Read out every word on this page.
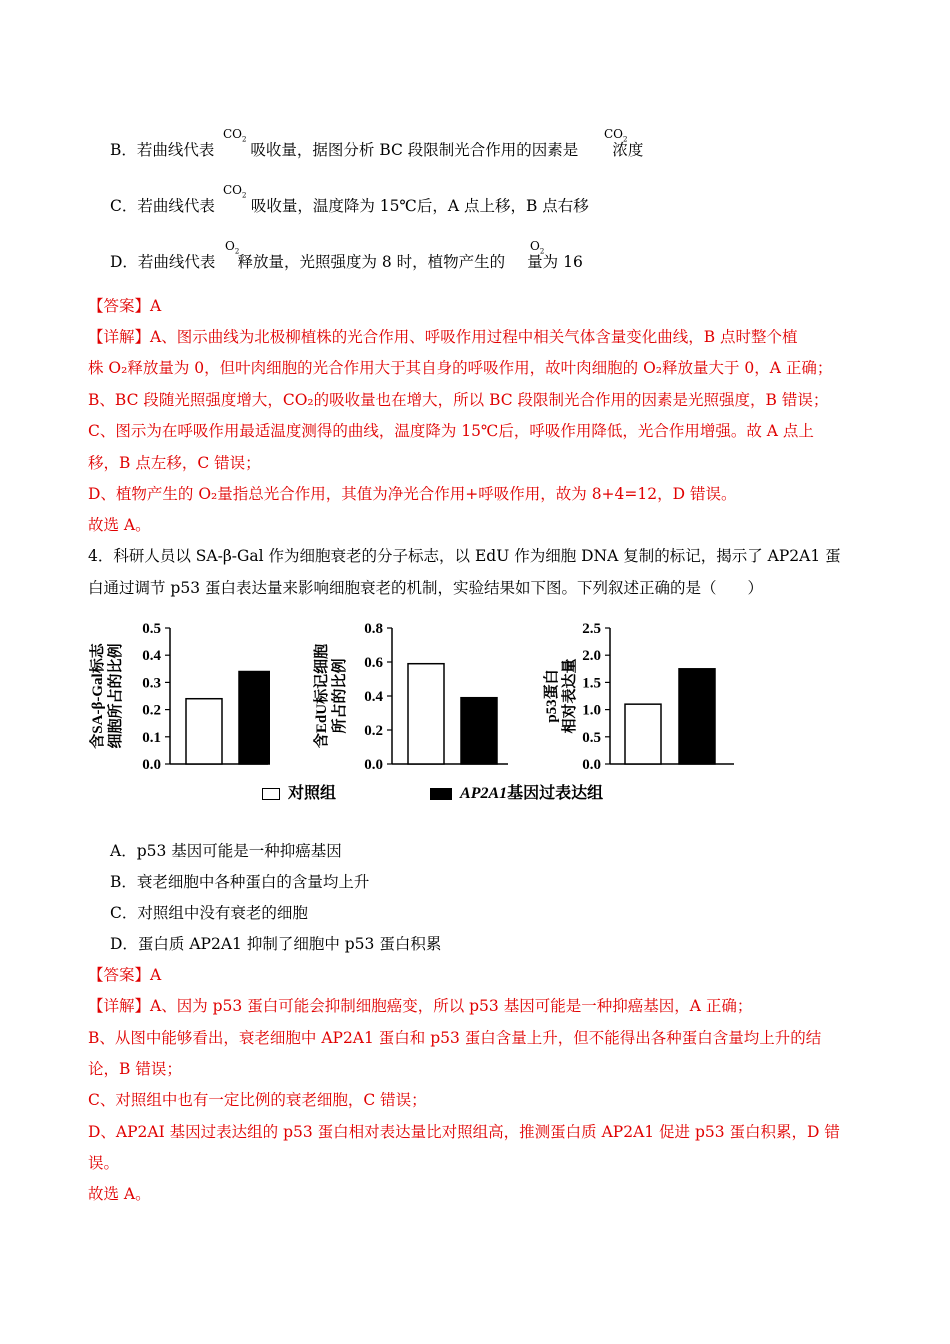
B．若曲线代表 吸收量，据图分析 BC 段限制光合作用的因素是 浓度
$CO_2$	$CO_2$
C．若曲线代表 吸收量，温度降为 15℃后，A 点上移，B 点右移
$CO_2$
D．若曲线代表 释放量，光照强度为 8 时，植物产生的 量为 16
$O_2$	$O_2$
【答案】A
【详解】A、图示曲线为北极柳植株的光合作用、呼吸作用过程中相关气体含量变化曲线，B 点时整个植
株 O₂释放量为 0，但叶肉细胞的光合作用大于其自身的呼吸作用，故叶肉细胞的 O₂释放量大于 0，A 正确；
B、BC 段随光照强度增大，CO₂的吸收量也在增大，所以 BC 段限制光合作用的因素是光照强度，B 错误；
C、图示为在呼吸作用最适温度测得的曲线，温度降为 15℃后，呼吸作用降低，光合作用增强。故 A 点上
移，B 点左移，C 错误；
D、植物产生的 O₂量指总光合作用，其值为净光合作用+呼吸作用，故为 8+4=12，D 错误。
故选 A。
4．科研人员以 SA-β-Gal 作为细胞衰老的分子标志，以 EdU 作为细胞 DNA 复制的标记，揭示了 AP2A1 蛋
白通过调节 p53 蛋白表达量来影响细胞衰老的机制，实验结果如下图。下列叙述正确的是（　　）
0.0
0.1
0.2
0.3
0.4
0.5
含SA-β-Gal标志 细胞所占的比例
0.0
0.2
0.4
0.6
0.8
含EdU标记细胞 所占的比例
0.0
0.5
1.0
1.5
2.0
2.5
p53蛋白 相对表达量
对照组	AP2A1基因过表达组
A．p53 基因可能是一种抑癌基因
B．衰老细胞中各种蛋白的含量均上升
C．对照组中没有衰老的细胞
D．蛋白质 AP2A1 抑制了细胞中 p53 蛋白积累
【答案】A
【详解】A、因为 p53 蛋白可能会抑制细胞癌变，所以 p53 基因可能是一种抑癌基因，A 正确；
B、从图中能够看出，衰老细胞中 AP2A1 蛋白和 p53 蛋白含量上升，但不能得出各种蛋白含量均上升的结
论，B 错误；
C、对照组中也有一定比例的衰老细胞，C 错误；
D、AP2AI 基因过表达组的 p53 蛋白相对表达量比对照组高，推测蛋白质 AP2A1 促进 p53 蛋白积累，D 错
误。
故选 A。
